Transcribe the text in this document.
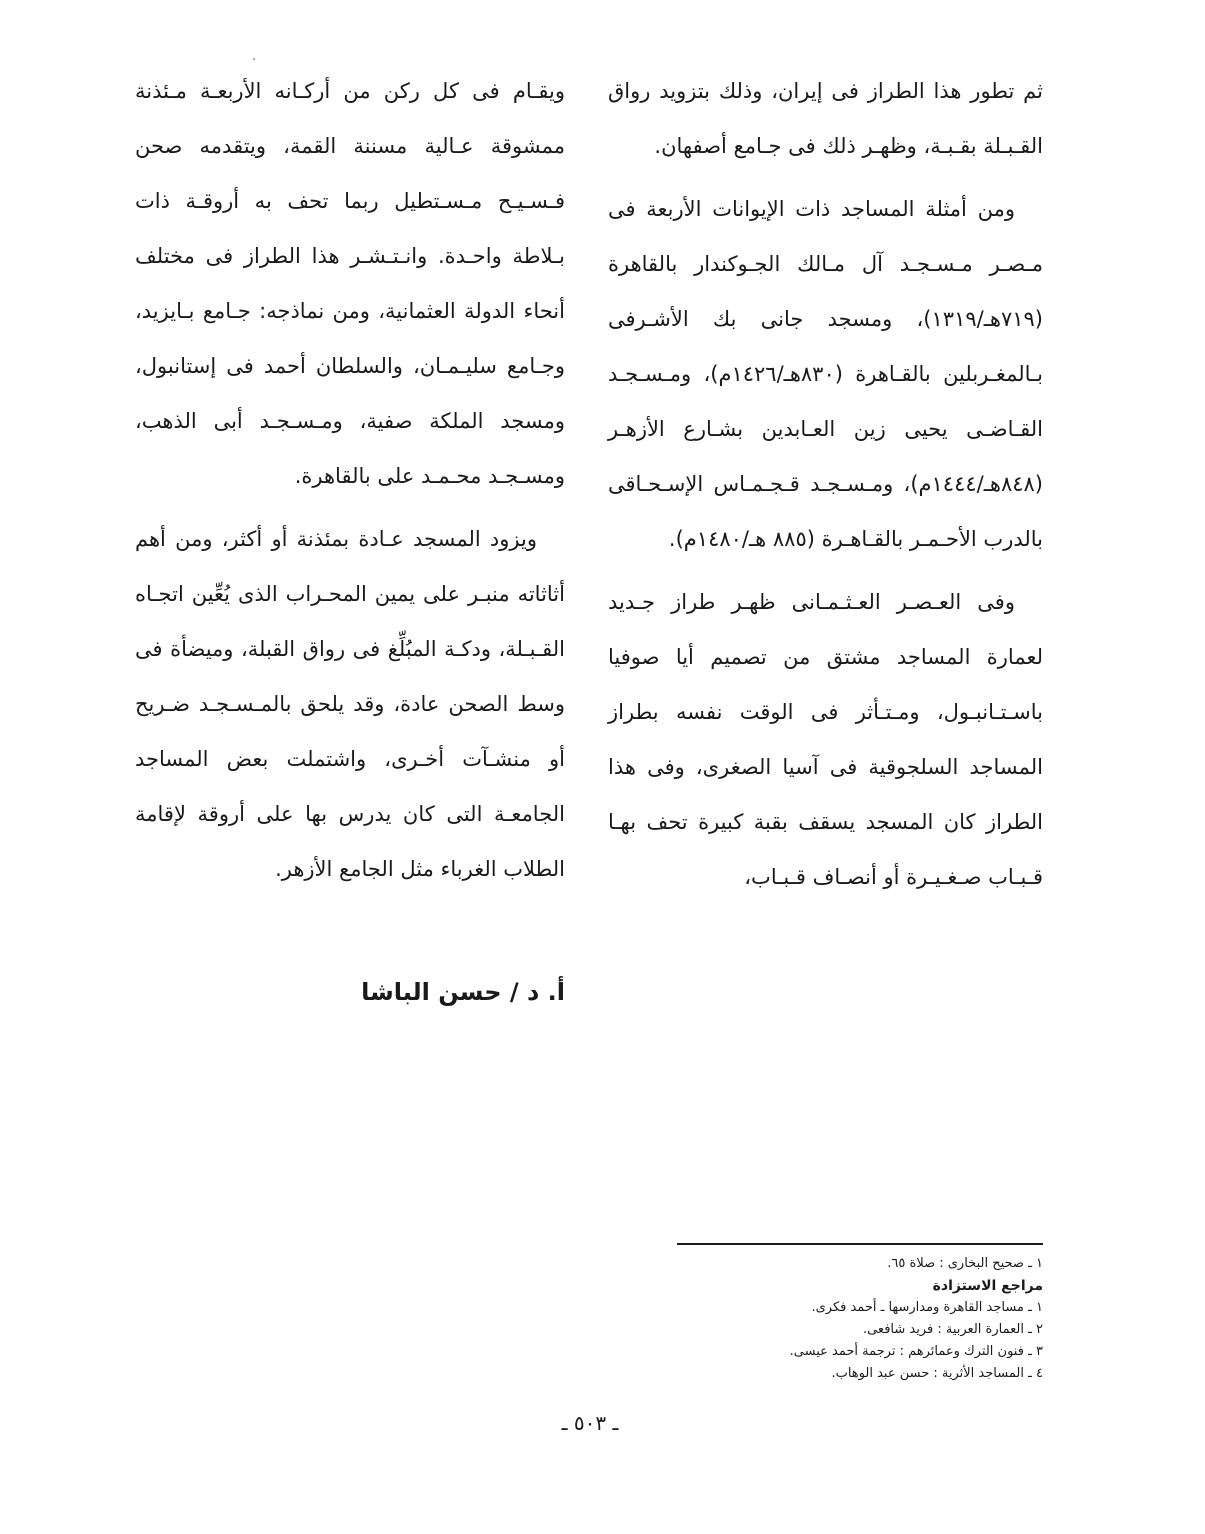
ثم تطور هذا الطراز فى إيران، وذلك بتزويد رواق القـبـلة بقـبـة، وظهـر ذلك فى جـامع أصفهان.

ومن أمثلة المساجد ذات الإيوانات الأربعة فى مـصـر مـسـجـد آل مـالك الجـوكندار بالقاهرة (٧١٩هـ/١٣١٩)، ومسجد جانى بك الأشـرفى بـالمغـربلين بالقـاهرة (٨٣٠هـ/١٤٢٦م)، ومـسـجـد القـاضـى يحيى زين العـابدين بشـارع الأزهـر (٨٤٨هـ/١٤٤٤م)، ومـسـجـد قـجـمـاس الإسـحـاقى بالدرب الأحـمـر بالقـاهـرة (٨٨٥ هـ/١٤٨٠م).

وفى العـصـر العـثـمـانى ظهـر طراز جـديد لعمارة المساجد مشتق من تصميم أيا صوفيا باسـتـانبـول، ومـتـأثر فى الوقت نفسه بطراز المساجد السلجوقية فى آسيا الصغرى، وفى هذا الطراز كان المسجد يسقف بقبة كبيرة تحف بهـا قـبـاب صـغـيـرة أو أنصـاف قـبـاب،

ويقـام فى كل ركن من أركـانه الأربعـة مـئذنة ممشوقة عـالية مسننة القمة، ويتقدمه صحن فـسـيـح مـسـتطيل ربما تحف به أروقـة ذات بـلاطة واحـدة. وانـتـشـر هذا الطراز فى مختلف أنحاء الدولة العثمانية، ومن نماذجه: جـامع بـايزيد، وجـامع سليـمـان، والسلطان أحمد فى إستانبول، ومسجد الملكة صفية، ومـسـجـد أبى الذهب، ومسـجـد محـمـد على بالقاهرة.

ويزود المسجد عـادة بمئذنة أو أكثر، ومن أهم أثاثاته منبـر على يمين المحـراب الذى يُعِّين اتجـاه القـبـلة، ودكـة المبُلِّغ فى رواق القبلة، وميضأة فى وسط الصحن عادة، وقد يلحق بالمـسـجـد ضـريح أو منشـآت أخـرى، واشتملت بعض المساجد الجامعـة التى كان يدرس بها على أروقة لإقامة الطلاب الغرباء مثل الجامع الأزهر.

أ. د / حسن الباشا
١ ـ صحيح البخارى : صلاة ٦٥.
مراجع الاستزادة
١ ـ مساجد القاهرة ومدارسها ـ أحمد فكرى.
٢ ـ العمارة العربية : فريد شافعى.
٣ ـ فنون الترك وعمائرهم : ترجمة أحمد عيسى.
٤ ـ المساجد الأثرية : حسن عبد الوهاب.
ـ ٥٠٣ ـ
